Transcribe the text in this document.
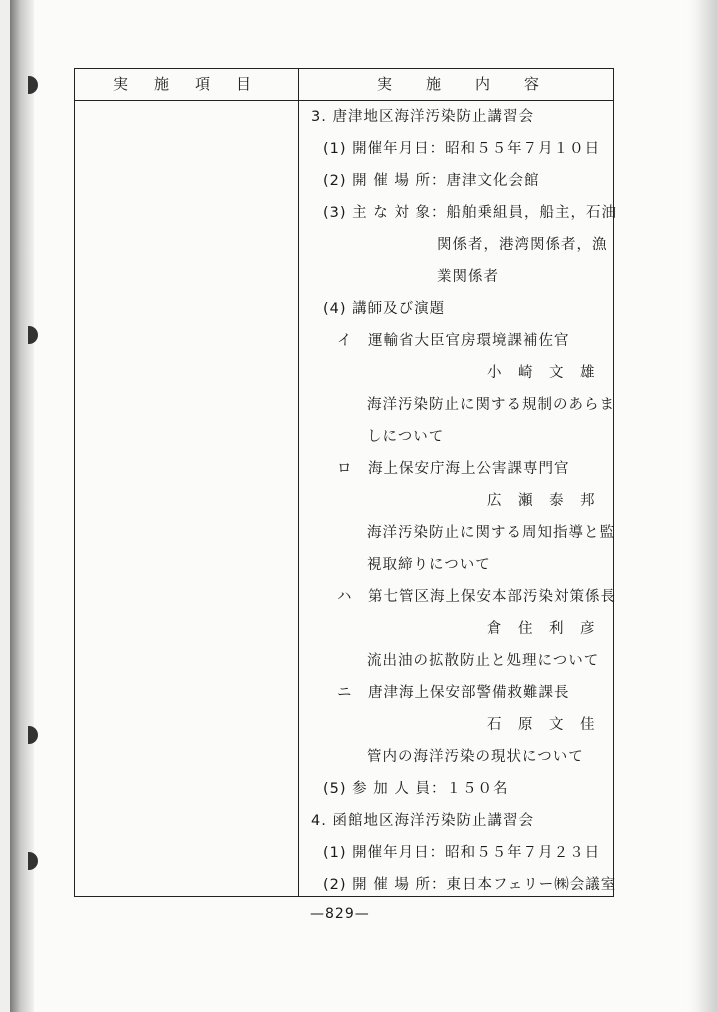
実施項目	実施内容
3. 唐津地区海洋汚染防止講習会
(1) 開催年月日：昭和５５年７月１０日
(2) 開 催 場 所：唐津文化会館
(3) 主 な 対 象：船舶乗組員，船主，石油
関係者，港湾関係者，漁
業関係者
(4) 講師及び演題
イ　運輸省大臣官房環境課補佐官
小　崎　文　雄
海洋汚染防止に関する規制のあらま
しについて
ロ　海上保安庁海上公害課専門官
広　瀬　泰　邦
海洋汚染防止に関する周知指導と監
視取締りについて
ハ　第七管区海上保安本部汚染対策係長
倉　住　利　彦
流出油の拡散防止と処理について
ニ　唐津海上保安部警備救難課長
石　原　文　佳
管内の海洋汚染の現状について
(5) 参 加 人 員：１５０名
4. 函館地区海洋汚染防止講習会
(1) 開催年月日：昭和５５年７月２３日
(2) 開 催 場 所：東日本フェリー㈱会議室
—829—
